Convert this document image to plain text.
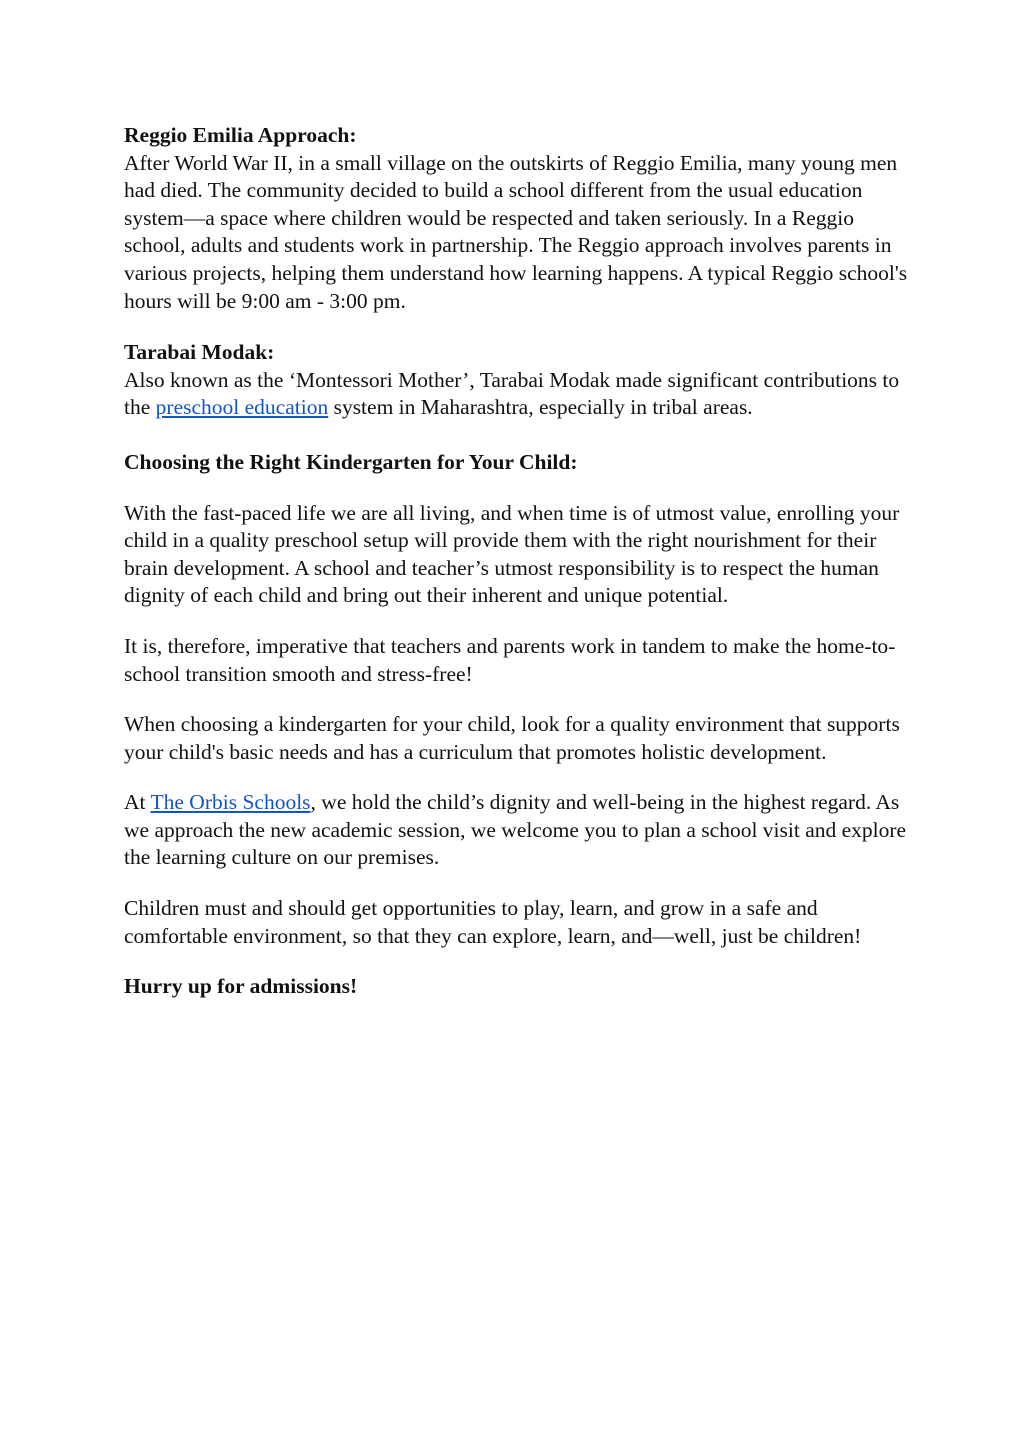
Reggio Emilia Approach:

After World War II, in a small village on the outskirts of Reggio Emilia, many young men had died. The community decided to build a school different from the usual education system—a space where children would be respected and taken seriously. In a Reggio school, adults and students work in partnership. The Reggio approach involves parents in various projects, helping them understand how learning happens. A typical Reggio school's hours will be 9:00 am - 3:00 pm.

Tarabai Modak:

Also known as the ‘Montessori Mother’, Tarabai Modak made significant contributions to the preschool education system in Maharashtra, especially in tribal areas.

Choosing the Right Kindergarten for Your Child:

With the fast-paced life we are all living, and when time is of utmost value, enrolling your child in a quality preschool setup will provide them with the right nourishment for their brain development. A school and teacher’s utmost responsibility is to respect the human dignity of each child and bring out their inherent and unique potential.

It is, therefore, imperative that teachers and parents work in tandem to make the home-to-school transition smooth and stress-free!

When choosing a kindergarten for your child, look for a quality environment that supports your child's basic needs and has a curriculum that promotes holistic development.

At The Orbis Schools, we hold the child’s dignity and well-being in the highest regard. As we approach the new academic session, we welcome you to plan a school visit and explore the learning culture on our premises.

Children must and should get opportunities to play, learn, and grow in a safe and comfortable environment, so that they can explore, learn, and—well, just be children!

Hurry up for admissions!
